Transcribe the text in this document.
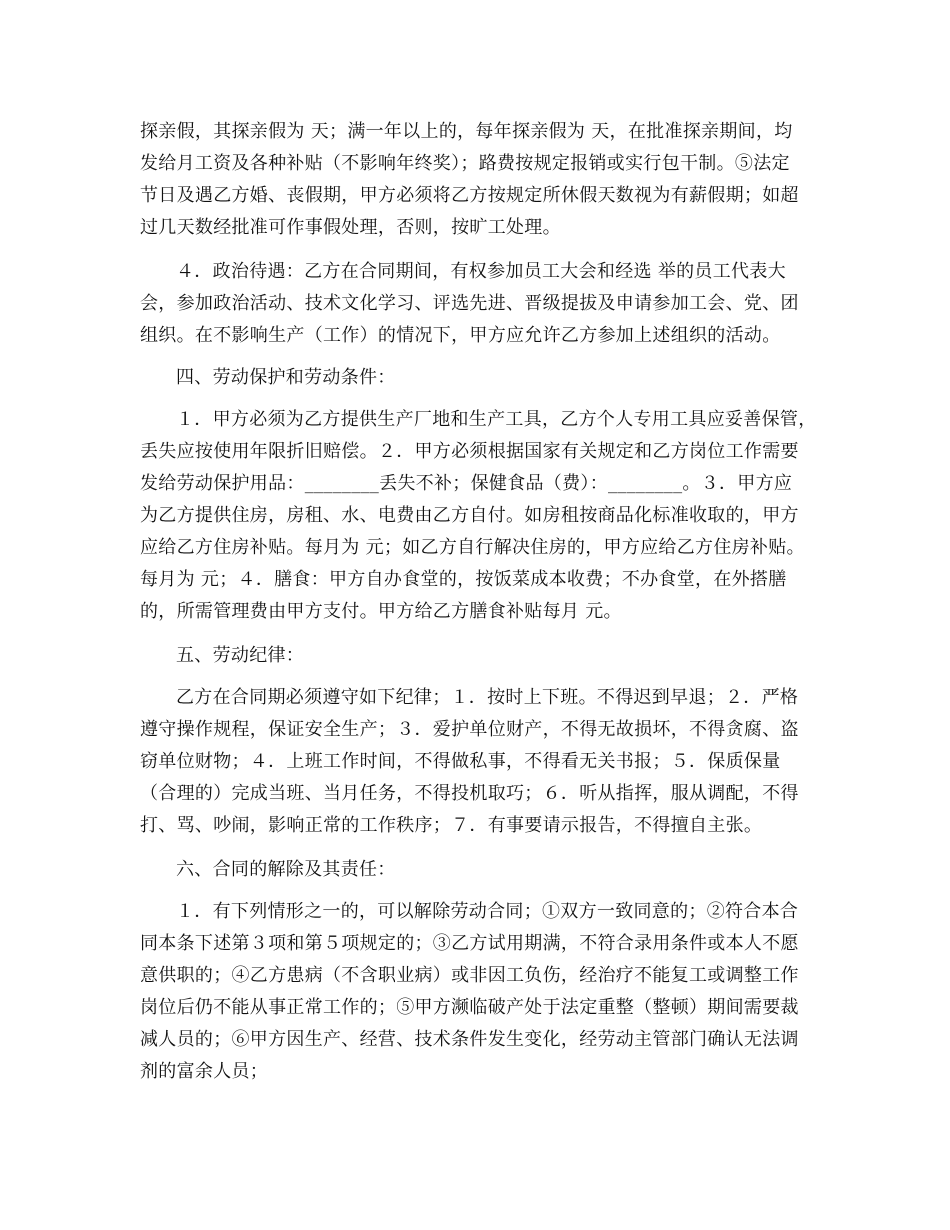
探亲假，其探亲假为 天；满一年以上的，每年探亲假为 天，在批准探亲期间，均
发给月工资及各种补贴（不影响年终奖）；路费按规定报销或实行包干制。⑤法定
节日及遇乙方婚、丧假期，甲方必须将乙方按规定所休假天数视为有薪假期；如超
过几天数经批准可作事假处理，否则，按旷工处理。
４．政治待遇：乙方在合同期间，有权参加员工大会和经选 举的员工代表大
会，参加政治活动、技术文化学习、评选先进、晋级提拔及申请参加工会、党、团
组织。在不影响生产（工作）的情况下，甲方应允许乙方参加上述组织的活动。
四、劳动保护和劳动条件：
１．甲方必须为乙方提供生产厂地和生产工具，乙方个人专用工具应妥善保管，
丢失应按使用年限折旧赔偿。２．甲方必须根据国家有关规定和乙方岗位工作需要
发给劳动保护用品：________丢失不补；保健食品（费）：________。３．甲方应
为乙方提供住房，房租、水、电费由乙方自付。如房租按商品化标准收取的，甲方
应给乙方住房补贴。每月为 元；如乙方自行解决住房的，甲方应给乙方住房补贴。
每月为 元；４．膳食：甲方自办食堂的，按饭菜成本收费；不办食堂，在外搭膳
的，所需管理费由甲方支付。甲方给乙方膳食补贴每月 元。
五、劳动纪律：
乙方在合同期必须遵守如下纪律；１．按时上下班。不得迟到早退；２．严格
遵守操作规程，保证安全生产；３．爱护单位财产，不得无故损坏，不得贪腐、盗
窃单位财物；４．上班工作时间，不得做私事，不得看无关书报；５．保质保量
（合理的）完成当班、当月任务，不得投机取巧；６．听从指挥，服从调配，不得
打、骂、吵闹，影响正常的工作秩序；７．有事要请示报告，不得擅自主张。
六、合同的解除及其责任：
１．有下列情形之一的，可以解除劳动合同；①双方一致同意的；②符合本合
同本条下述第３项和第５项规定的；③乙方试用期满，不符合录用条件或本人不愿
意供职的；④乙方患病（不含职业病）或非因工负伤，经治疗不能复工或调整工作
岗位后仍不能从事正常工作的；⑤甲方濒临破产处于法定重整（整顿）期间需要裁
减人员的；⑥甲方因生产、经营、技术条件发生变化，经劳动主管部门确认无法调
剂的富余人员；
